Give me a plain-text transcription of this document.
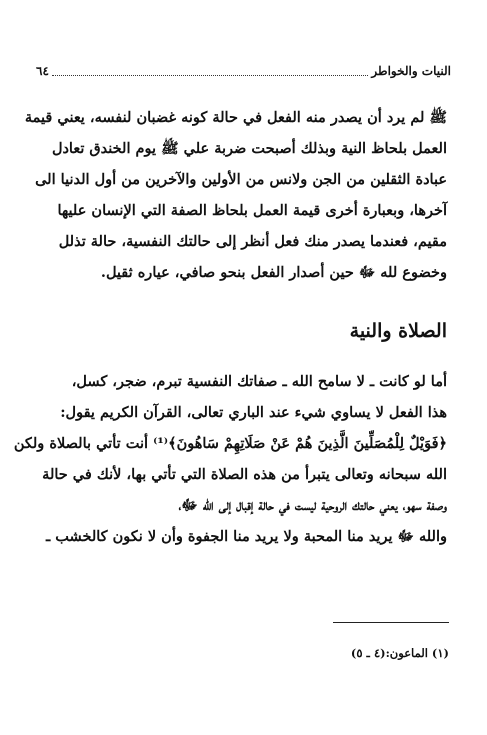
النيات والخواطر
٦٤
ﷺ لم يرد أن يصدر منه الفعل في حالة كونه غضبان لنفسه، يعني قيمة
العمل بلحاظ النية وبذلك أصبحت ضربة علي ﷺ يوم الخندق تعادل
عبادة الثقلين من الجن ولانس من الأولين والآخرين من أول الدنيا الى
آخرها، وبعبارة أخرى قيمة العمل بلحاظ الصفة التي الإنسان عليها
مقيم، فعندما يصدر منك فعل أنظر إلى حالتك النفسية، حالة تذلل
وخضوع لله ﷻ حين أصدار الفعل بنحو صافي، عياره ثقيل.
الصلاة والنية
أما لو كانت ـ لا سامح الله ـ صفاتك النفسية تبرم، ضجر، كسل،
هذا الفعل لا يساوي شيء عند الباري تعالى، القرآن الكريم يقول:
﴿فَوَيْلٌ لِلْمُصَلِّينَ الَّذِينَ هُمْ عَنْ صَلَاتِهِمْ سَاهُونَ﴾⁽¹⁾ أنت تأتي بالصلاة ولكن
الله سبحانه وتعالى يتبرأ من هذه الصلاة التي تأتي بها، لأنك في حالة
وصفة سهو، يعني حالتك الروحية ليست في حالة إقبال إلى الله ﷻ،
والله ﷻ يريد منا المحبة ولا يريد منا الجفوة وأن لا نكون كالخشب ـ
(١) الماعون:(٤ ـ ٥)
